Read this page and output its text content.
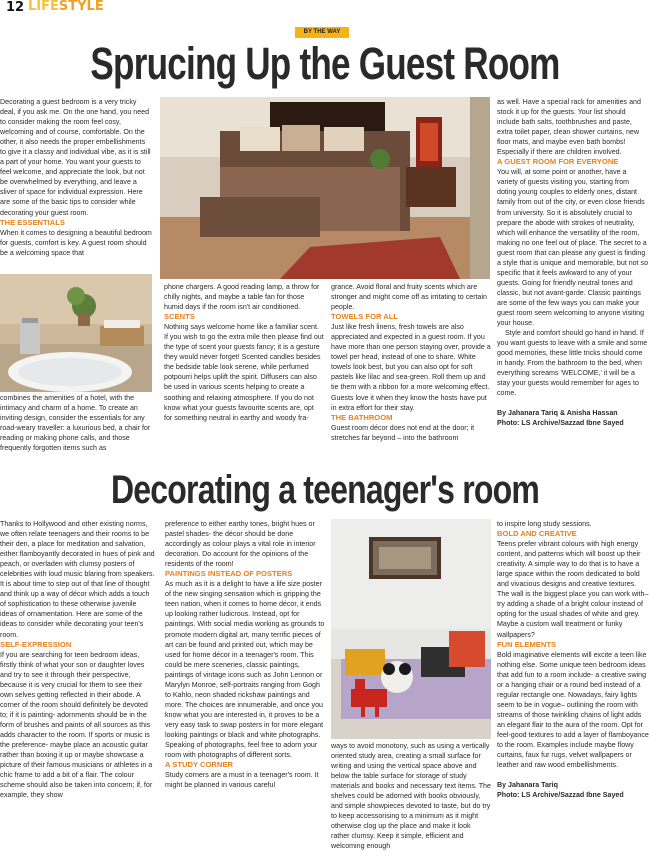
12 LIFESTYLE
BY THE WAY
Sprucing Up the Guest Room

Decorating a guest bedroom is a very tricky deal, if you ask me. On the one hand, you need to consider making the room feel cosy, welcoming and of course, comfortable. On the other, it also needs the proper embellishments to give it a classy and individual vibe, as it is still a part of your home. You want your guests to feel welcome, and appreciate the look, but not be overwhelmed by everything, and leave a sliver of space for individual expression. Here are some of the basic tips to consider while decorating your guest room.

THE ESSENTIALS

When it comes to designing a beautiful bedroom for guests, comfort is key. A guest room should be a welcoming space that

combines the amenities of a hotel, with the intimacy and charm of a home. To create an inviting design, consider the essentials for any road-weary traveller: a luxurious bed, a chair for reading or making phone calls, and those frequently forgotten items such as

phone chargers. A good reading lamp, a throw for chilly nights, and maybe a table fan for those humid days if the room isn't air conditioned.

SCENTS

Nothing says welcome home like a familiar scent. If you wish to go the extra mile then please find out the type of scent your guests fancy; it is a gesture they would never forget! Scented candles besides the bedside table look serene, while perfumed potpourri helps uplift the spirit. Diffusers can also be used in various scents helping to create a soothing and relaxing atmosphere. If you do not know what your guests favourite scents are, opt for something neutral in earthy and woody fra-

grance. Avoid floral and fruity scents which are stronger and might come off as irritating to certain people.

TOWELS FOR ALL

Just like fresh linens, fresh towels are also appreciated and expected in a guest room. If you have more than one person staying over, provide a towel per head, instead of one to share. White towels look best, but you can also opt for soft pastels like lilac and sea-green. Roll them up and tie them with a ribbon for a more welcoming effect. Guests love it when they know the hosts have put in extra effort for their stay.

THE BATHROOM

Guest room décor does not end at the door; it stretches far beyond – into the bathroom

as well. Have a special rack for amenities and stock it up for the guests. Your list should include bath salts, toothbrushes and paste, extra toilet paper, clean shower curtains, new floor mats, and maybe even bath bombs! Especially if there are children involved.

A GUEST ROOM FOR EVERYONE

You will, at some point or another, have a variety of guests visiting you, starting from doting young couples to elderly ones, distant family from out of the city, or even close friends from university. So it is absolutely crucial to prepare the abode with strokes of neutrality, which will enhance the versatility of the room, making no one feel out of place. The secret to a guest room that can please any guest is finding a style that is unique and memorable, but not so specific that it feels awkward to any of your guests. Going for friendly neutral tones and classic, but not avant-garde. Classic paintings are some of the few ways you can make your guest room seem welcoming to anyone visiting your house.

Style and comfort should go hand in hand. If you want guests to leave with a smile and some good memories, these little tricks should come in handy. From the bathroom to the bed, when everything screams 'WELCOME,' it will be a stay your guests would remember for ages to come.

By Jahanara Tariq & Anisha Hassan
Photo: LS Archive/Sazzad Ibne Sayed
Decorating a teenager's room

Thanks to Hollywood and other existing norms, we often relate teenagers and their rooms to be their den, a place for meditation and salvation, either flamboyantly decorated in hues of pink and peach, or overladen with clumsy posters of celebrities with loud music blaring from speakers. It is about time to step out of that line of thought and think up a way of décor which adds a touch of sophistication to these otherwise juvenile ideas of ornamentation. Here are some of the ideas to consider while decorating your teen's room.

SELF-EXPRESSION

If you are searching for teen bedroom ideas, firstly think of what your son or daughter loves and try to see it through their perspective, because it is very crucial for them to see their own selves getting reflected in their abode. A corner of the room should definitely be devoted to; if it is painting- adornments should be in the form of brushes and paints of all sources as this adds character to the room. If sports or music is the preference- maybe place an acoustic guitar rather than boxing it up or maybe showcase a picture of their famous musicians or athletes in a chic frame to add a bit of a flair. The colour scheme should also be taken into concern; if, for example, they show

preference to either earthy tones, bright hues or pastel shades- the décor should be done accordingly as colour plays a vital role in interior decoration. Do account for the opinions of the residents of the room!

PAINTINGS INSTEAD OF POSTERS

As much as it is a delight to have a life size poster of the new singing sensation which is gripping the teen nation, when it comes to home décor, it ends up looking rather ludicrous. Instead, opt for paintings. With social media working as grounds to promote modern digital art, many terrific pieces of art can be found and printed out, which may be used for home décor in a teenager's room. This could be mere sceneries, classic paintings, paintings of vintage icons such as John Lennon or Marylyn Monroe, self-portraits ranging from Gogh to Kahlo, neon shaded rickshaw paintings and more. The choices are innumerable, and once you know what you are interested in, it proves to be a very easy task to swap posters in for more elegant looking paintings or black and white photographs. Speaking of photographs, feel free to adorn your room with photographs of different sorts.

A STUDY CORNER

Study corners are a must in a teenager's room. It might be planned in various careful

ways to avoid monotony, such as using a vertically oriented study area, creating a small surface for writing and using the vertical space above and below the table surface for storage of study materials and books and necessary text items. The shelves could be adorned with books obviously, and simple showpieces devoted to taste, but do try to keep accessorising to a minimum as it might otherwise clog up the place and make it look rather clumsy. Keep it simple, efficient and welcoming enough

to inspire long study sessions.

BOLD AND CREATIVE

Teens prefer vibrant colours with high energy content, and patterns which will boost up their creativity. A simple way to do that is to have a large space within the room dedicated to bold and vivacious designs and creative textures. The wall is the biggest place you can work with– try adding a shade of a bright colour instead of opting for the usual shades of white and grey. Maybe a custom wall treatment or funky wallpapers?

FUN ELEMENTS

Bold imaginative elements will excite a teen like nothing else. Some unique teen bedroom ideas that add fun to a room include- a creative swing or a hanging chair or a round bed instead of a regular rectangle one. Nowadays, fairy lights seem to be in vogue– outlining the room with streams of those twinkling chains of light adds an elegant flair to the aura of the room. Opt for feel-good textures to add a layer of flamboyance to the room. Examples include maybe flowy curtains, faux fur rugs, velvet wallpapers or leather and raw wood embellishments.

By Jahanara Tariq
Photo: LS Archive/Sazzad Ibne Sayed
